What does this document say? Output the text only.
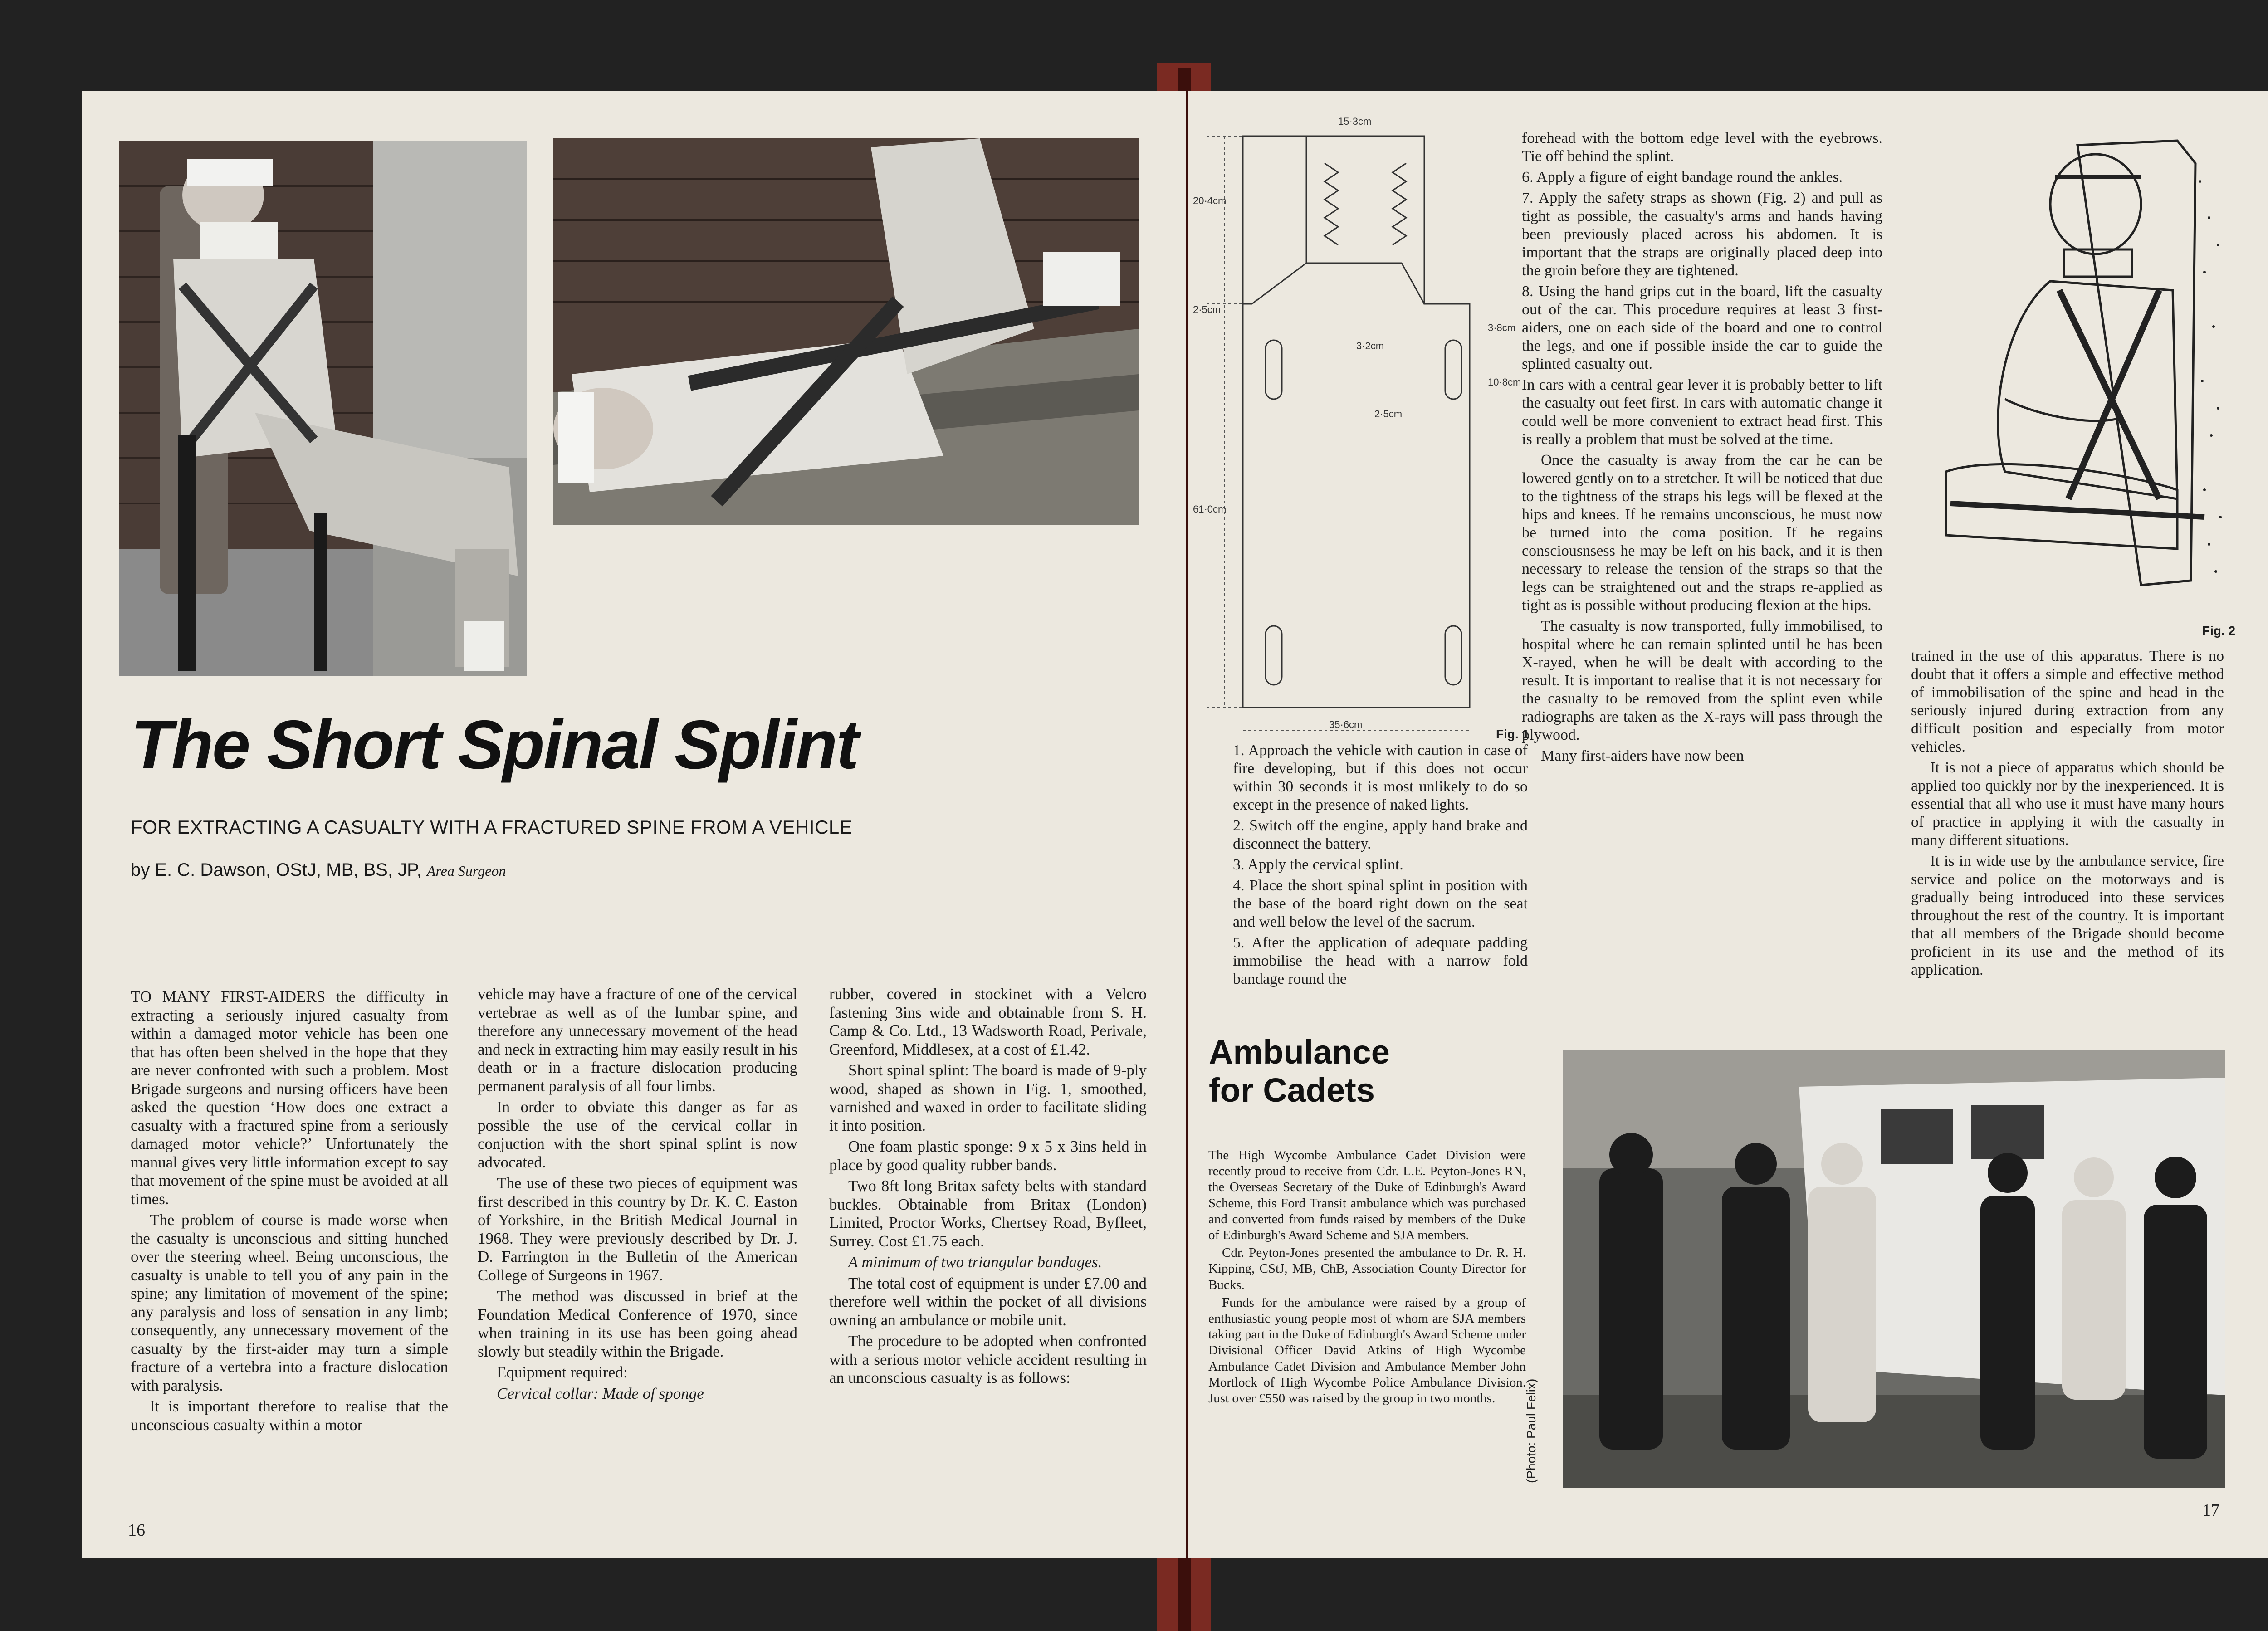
The Short Spinal Splint
FOR EXTRACTING A CASUALTY WITH A FRACTURED SPINE FROM A VEHICLE
by E. C. Dawson, OStJ, MB, BS, JP, Area Surgeon

TO MANY FIRST-AIDERS the difficulty in extracting a seriously injured casualty from within a damaged motor vehicle has been one that has often been shelved in the hope that they are never confronted with such a problem. Most Brigade surgeons and nursing officers have been asked the question ‘How does one extract a casualty with a fractured spine from a seriously damaged motor vehicle?’ Unfortunately the manual gives very little information except to say that movement of the spine must be avoided at all times.

The problem of course is made worse when the casualty is unconscious and sitting hunched over the steering wheel. Being unconscious, the casualty is unable to tell you of any pain in the spine; any limitation of movement of the spine; any paralysis and loss of sensation in any limb; consequently, any unnecessary movement of the casualty by the first-aider may turn a simple fracture of a vertebra into a fracture dislocation with paralysis.

It is important therefore to realise that the unconscious casualty within a motor

vehicle may have a fracture of one of the cervical vertebrae as well as of the lumbar spine, and therefore any unnecessary movement of the head and neck in extracting him may easily result in his death or in a fracture dislocation producing permanent paralysis of all four limbs.

In order to obviate this danger as far as possible the use of the cervical collar in conjuction with the short spinal splint is now advocated.

The use of these two pieces of equipment was first described in this country by Dr. K. C. Easton of Yorkshire, in the British Medical Journal in 1968. They were previously described by Dr. J. D. Farrington in the Bulletin of the American College of Surgeons in 1967.

The method was discussed in brief at the Foundation Medical Conference of 1970, since when training in its use has been going ahead slowly but steadily within the Brigade.

Equipment required:

Cervical collar: Made of sponge

rubber, covered in stockinet with a Velcro fastening 3ins wide and obtainable from S. H. Camp & Co. Ltd., 13 Wadsworth Road, Perivale, Greenford, Middlesex, at a cost of £1.42.

Short spinal splint: The board is made of 9-ply wood, shaped as shown in Fig. 1, smoothed, varnished and waxed in order to facilitate sliding it into position.

One foam plastic sponge: 9 x 5 x 3ins held in place by good quality rubber bands.

Two 8ft long Britax safety belts with standard buckles. Obtainable from Britax (London) Limited, Proctor Works, Chertsey Road, Byfleet, Surrey. Cost £1.75 each.

A minimum of two triangular bandages.

The total cost of equipment is under £7.00 and therefore well within the pocket of all divisions owning an ambulance or mobile unit.

The procedure to be adopted when confronted with a serious motor vehicle accident resulting in an unconscious casualty is as follows:

16
15·3cm
20·4cm
2·5cm
61·0cm
35·6cm
3·2cm
2·5cm
3·8cm
10·8cm
Fig. 1

1. Approach the vehicle with caution in case of fire developing, but if this does not occur within 30 seconds it is most unlikely to do so except in the presence of naked lights.

2. Switch off the engine, apply hand brake and disconnect the battery.

3. Apply the cervical splint.

4. Place the short spinal splint in position with the base of the board right down on the seat and well below the level of the sacrum.

5. After the application of adequate padding immobilise the head with a narrow fold bandage round the

forehead with the bottom edge level with the eyebrows. Tie off behind the splint.

6. Apply a figure of eight bandage round the ankles.

7. Apply the safety straps as shown (Fig. 2) and pull as tight as possible, the casualty's arms and hands having been previously placed across his abdomen. It is important that the straps are originally placed deep into the groin before they are tightened.

8. Using the hand grips cut in the board, lift the casualty out of the car. This procedure requires at least 3 first-aiders, one on each side of the board and one to control the legs, and one if possible inside the car to guide the splinted casualty out.

In cars with a central gear lever it is probably better to lift the casualty out feet first. In cars with automatic change it could well be more convenient to extract head first. This is really a problem that must be solved at the time.

Once the casualty is away from the car he can be lowered gently on to a stretcher. It will be noticed that due to the tightness of the straps his legs will be flexed at the hips and knees. If he remains unconscious, he must now be turned into the coma position. If he regains consciousnsess he may be left on his back, and it is then necessary to release the tension of the straps so that the legs can be straightened out and the straps re-applied as tight as is possible without producing flexion at the hips.

The casualty is now transported, fully immobilised, to hospital where he can remain splinted until he has been X-rayed, when he will be dealt with according to the result. It is important to realise that it is not necessary for the casualty to be removed from the splint even while radiographs are taken as the X-rays will pass through the plywood.

Many first-aiders have now been

Fig. 2

trained in the use of this apparatus. There is no doubt that it offers a simple and effective method of immobilisation of the spine and head in the seriously injured during extraction from any difficult position and especially from motor vehicles.

It is not a piece of apparatus which should be applied too quickly nor by the inexperienced. It is essential that all who use it must have many hours of practice in applying it with the casualty in many different situations.

It is in wide use by the ambulance service, fire service and police on the motorways and is gradually being introduced into these services throughout the rest of the country. It is important that all members of the Brigade should become proficient in its use and the method of its application.

Ambulance
for Cadets

The High Wycombe Ambulance Cadet Division were recently proud to receive from Cdr. L.E. Peyton-Jones RN, the Overseas Secretary of the Duke of Edinburgh's Award Scheme, this Ford Transit ambulance which was purchased and converted from funds raised by members of the Duke of Edinburgh's Award Scheme and SJA members.

Cdr. Peyton-Jones presented the ambulance to Dr. R. H. Kipping, CStJ, MB, ChB, Association County Director for Bucks.

Funds for the ambulance were raised by a group of enthusiastic young people most of whom are SJA members taking part in the Duke of Edinburgh's Award Scheme under Divisional Officer David Atkins of High Wycombe Ambulance Cadet Division and Ambulance Member John Mortlock of High Wycombe Police Ambulance Division. Just over £550 was raised by the group in two months.	(Photo: Paul Felix)
17
